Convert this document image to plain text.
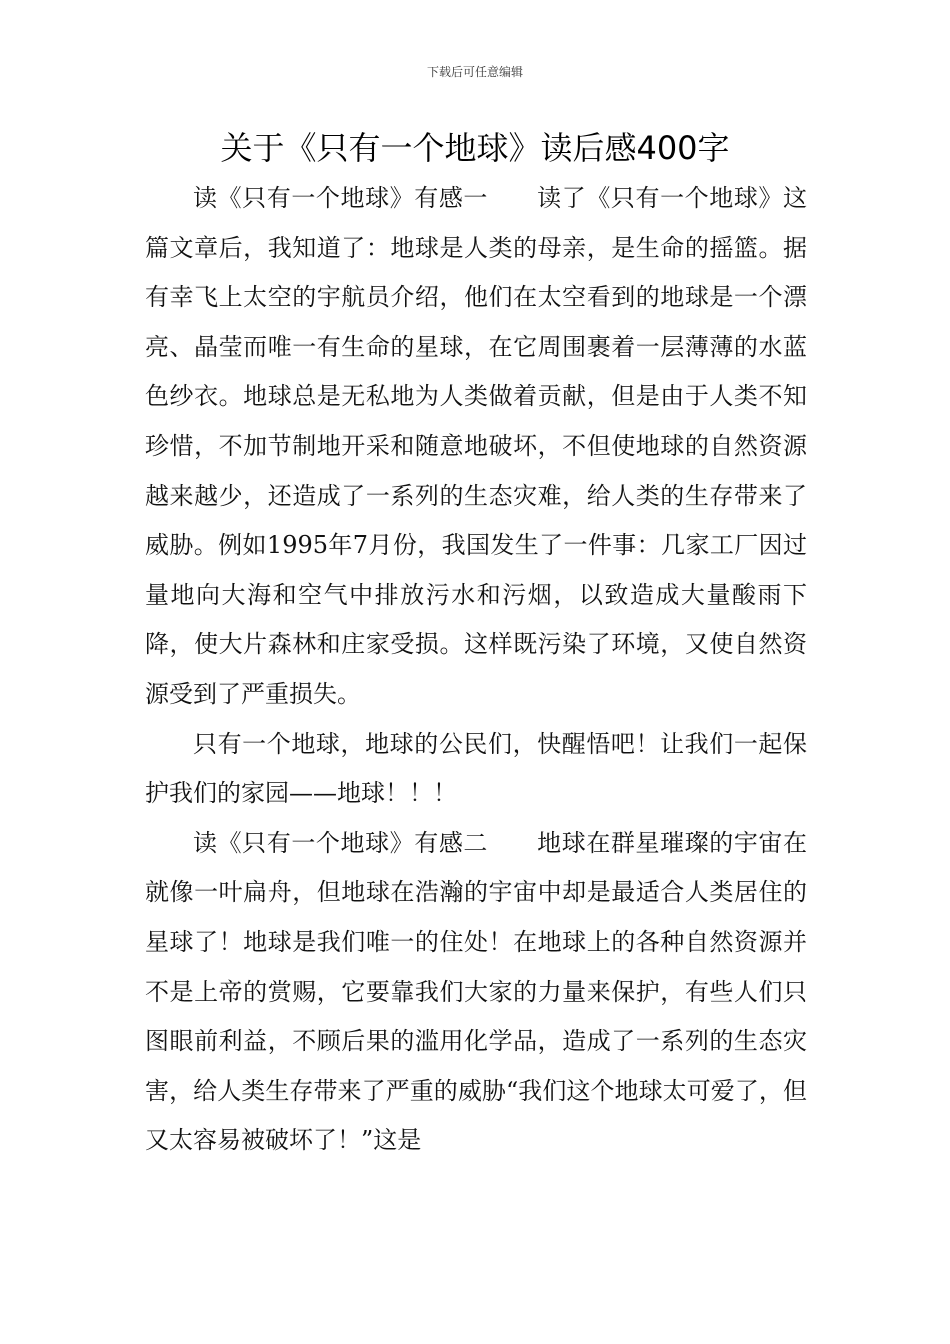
下载后可任意编辑
关于《只有一个地球》读后感400字

读《只有一个地球》有感一　　读了《只有一个地球》这篇文章后，我知道了：地球是人类的母亲，是生命的摇篮。据有幸飞上太空的宇航员介绍，他们在太空看到的地球是一个漂亮、晶莹而唯一有生命的星球，在它周围裹着一层薄薄的水蓝色纱衣。地球总是无私地为人类做着贡献，但是由于人类不知珍惜，不加节制地开采和随意地破坏，不但使地球的自然资源越来越少，还造成了一系列的生态灾难，给人类的生存带来了威胁。例如1995年7月份，我国发生了一件事：几家工厂因过量地向大海和空气中排放污水和污烟，以致造成大量酸雨下降，使大片森林和庄家受损。这样既污染了环境，又使自然资源受到了严重损失。

只有一个地球，地球的公民们，快醒悟吧！让我们一起保护我们的家园——地球！！！

读《只有一个地球》有感二　　地球在群星璀璨的宇宙在就像一叶扁舟，但地球在浩瀚的宇宙中却是最适合人类居住的星球了！地球是我们唯一的住处！在地球上的各种自然资源并不是上帝的赏赐，它要靠我们大家的力量来保护，有些人们只图眼前利益，不顾后果的滥用化学品，造成了一系列的生态灾害，给人类生存带来了严重的威胁“我们这个地球太可爱了，但又太容易被破坏了！”这是
